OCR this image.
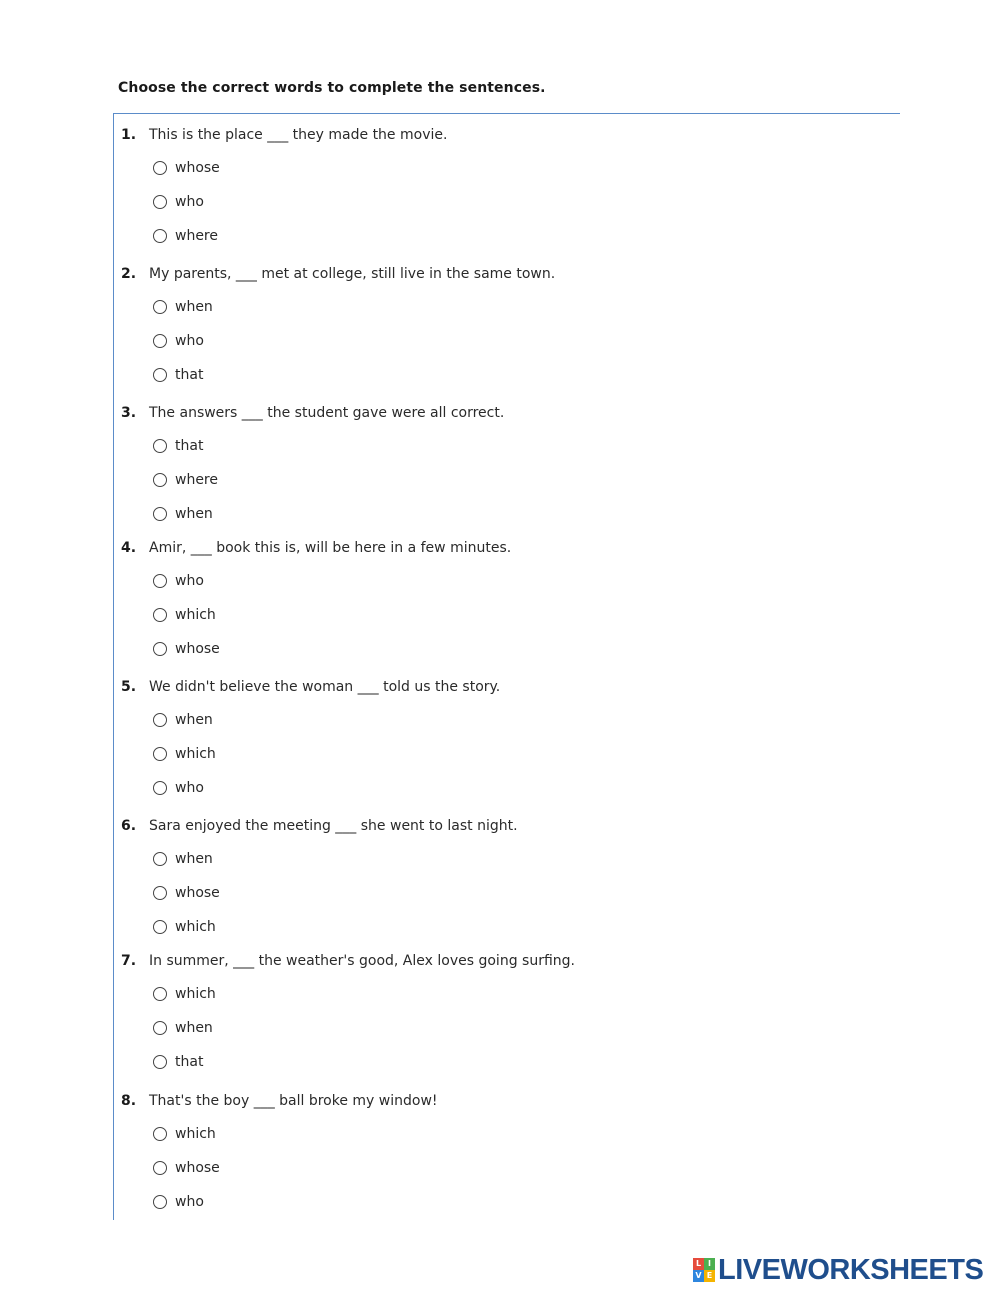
Choose the correct words to complete the sentences.
1. This is the place ___ they made the movie.
whose
who
where
2. My parents, ___ met at college, still live in the same town.
when
who
that
3. The answers ___ the student gave were all correct.
that
where
when
4. Amir, ___ book this is, will be here in a few minutes.
who
which
whose
5. We didn't believe the woman ___ told us the story.
when
which
who
6. Sara enjoyed the meeting ___ she went to last night.
when
whose
which
7. In summer, ___ the weather's good, Alex loves going surfing.
which
when
that
8. That's the boy ___ ball broke my window!
which
whose
who
L I
V E LIVEWORKSHEETS
